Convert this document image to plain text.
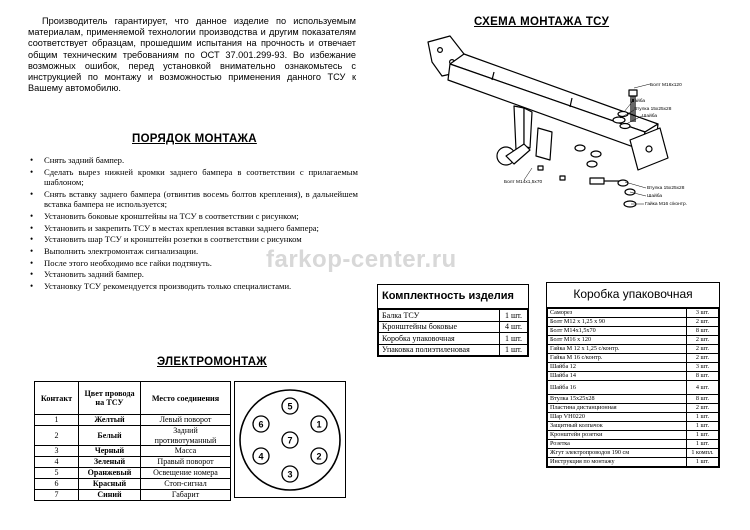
Производитель гарантирует, что данное изделие по используемым материалам, применяемой технологии производства и другим показателям соответствует образцам, прошедшим испытания на прочность и отвечает общим техническим требованиям по ОСТ 37.001.299-93. Во избежание возможных ошибок, перед установкой внимательно ознакомьтесь с инструкцией по монтажу и возможностью применения данного ТСУ к Вашему автомобилю.

СХЕМА МОНТАЖА ТСУ
Болт М16х120
Шайба
Втулка 15х25х28
Шайба
Болт М14х1,5х70
Втулка 15х25х28
Шайба
Гайка М16 с/контр.
ПОРЯДОК МОНТАЖА
• Снять задний бампер.
• Сделать вырез нижней кромки заднего бампера в соответствии с прилагаемым шаблоном;
• Снять вставку заднего бампера (отвинтив восемь болтов крепления), в дальнейшем вставка бампера не используется;
• Установить боковые кронштейны на ТСУ в соответствии с рисунком;
• Установить и закрепить ТСУ в местах крепления вставки заднего бампера;
• Установить шар ТСУ и кронштейн розетки в соответствии с рисунком
• Выполнить электромонтаж сигнализации.
• После этого необходимо все гайки подтянуть.
• Установить задний бампер.
• Установку ТСУ рекомендуется производить только специалистами.
farkop-center.ru
Комплектность изделия
Балка ТСУ	1 шт.
Кронштейны боковые	4 шт.
Коробка упаковочная	1 шт.
Упаковка полиэтиленовая	1 шт.
Коробка упаковочная
Саморез	3 шт.
Болт М12 х 1,25 х 90	2 шт.
Болт М14х1,5х70	8 шт.
Болт М16 х 120	2 шт.
Гайка М 12 х 1,25 с/контр.	2 шт.
Гайка М 16 с/контр.	2 шт.
Шайба 12	3 шт.
Шайба 14	8 шт.
Шайба 16	4 шт.
Втулка 15х25х28	8 шт.
Пластина дистанционная	2 шт.
Шар VH0220	1 шт.
Защитный колпачок	1 шт.
Кронштейн розетки	1 шт.
Розетка	1 шт.
Жгут электропроводов 190 см	1 компл.
Инструкция по монтажу	1 шт.
ЭЛЕКТРОМОНТАЖ
Контакт	Цвет провода на ТСУ	Место соединения
1	Желтый	Левый поворот
2	Белый	Задний противотуманный
3	Черный	Масса
4	Зеленый	Правый поворот
5	Оранжевый	Освещение номера
6	Красный	Стоп-сигнал
7	Синий	Габарит
1
2
3
4
5
6
7
